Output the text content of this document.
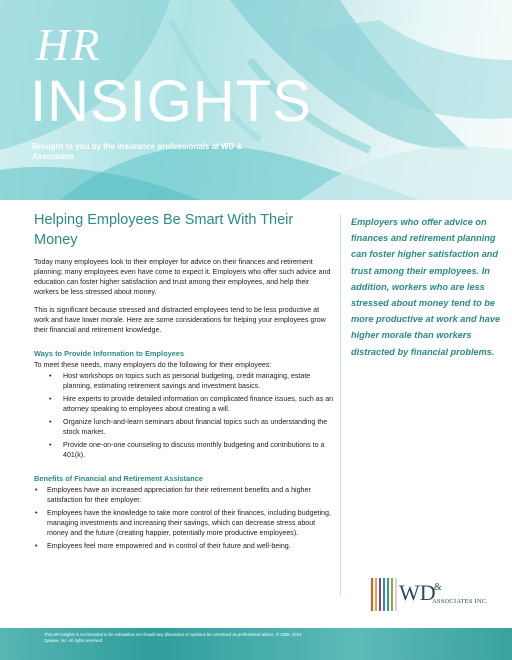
HR
INSIGHTS
Brought to you by the insurance professionals at WD & Associates
Helping Employees Be Smart With Their Money

Today many employees look to their employer for advice on their finances and retirement planning; many employees even have come to expect it. Employers who offer such advice and education can foster higher satisfaction and trust among their employees, and help their workers be less stressed about money.

This is significant because stressed and distracted employees tend to be less productive at work and have lower morale. Here are some considerations for helping your employees grow their financial and retirement knowledge.

Ways to Provide Information to Employees
To meet these needs, many employers do the following for their employees:
• Host workshops on topics such as personal budgeting, credit managing, estate planning, estimating retirement savings and investment basics.
• Hire experts to provide detailed information on complicated finance issues, such as an attorney speaking to employees about creating a will.
• Organize lunch-and-learn seminars about financial topics such as understanding the stock market.
• Provide one-on-one counseling to discuss monthly budgeting and contributions to a 401(k).
Benefits of Financial and Retirement Assistance
• Employees have an increased appreciation for their retirement benefits and a higher satisfaction for their employer.
• Employees have the knowledge to take more control of their finances, including budgeting, managing investments and increasing their savings, which can decrease stress about money and the future (creating happier, potentially more productive employees).
• Employees feel more empowered and in control of their future and well-being.
Employers who offer advice on finances and retirement planning can foster higher satisfaction and trust among their employees. In addition, workers who are less stressed about money tend to be more productive at work and have higher morale than workers distracted by financial problems.
WD
&
ASSOCIATES INC.
This HR Insights is not intended to be exhaustive nor should any discussion or opinions be construed as professional advice. © 2008, 2014 Zywave, Inc. All rights reserved.
